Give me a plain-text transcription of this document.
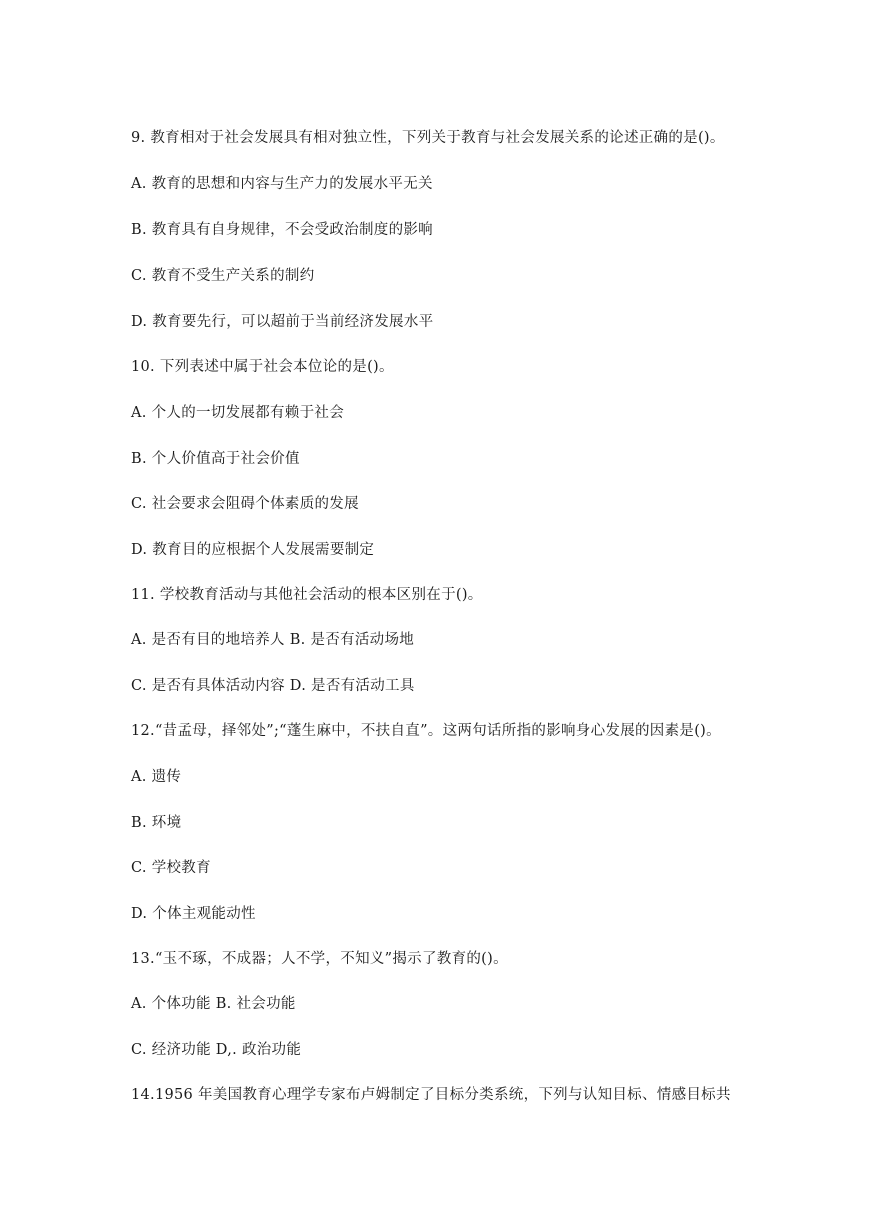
9. 教育相对于社会发展具有相对独立性，下列关于教育与社会发展关系的论述正确的是()。
A. 教育的思想和内容与生产力的发展水平无关
B. 教育具有自身规律，不会受政治制度的影响
C. 教育不受生产关系的制约
D. 教育要先行，可以超前于当前经济发展水平
10. 下列表述中属于社会本位论的是()。
A. 个人的一切发展都有赖于社会
B. 个人价值高于社会价值
C. 社会要求会阻碍个体素质的发展
D. 教育目的应根据个人发展需要制定
11. 学校教育活动与其他社会活动的根本区别在于()。
A. 是否有目的地培养人 B. 是否有活动场地
C. 是否有具体活动内容 D. 是否有活动工具
12.“昔孟母，择邻处”;“蓬生麻中，不扶自直”。这两句话所指的影响身心发展的因素是()。
A. 遗传
B. 环境
C. 学校教育
D. 个体主观能动性
13.“玉不琢，不成器；人不学，不知义”揭示了教育的()。
A. 个体功能 B. 社会功能
C. 经济功能 D,. 政治功能
14.1956 年美国教育心理学专家布卢姆制定了目标分类系统，下列与认知目标、情感目标共
